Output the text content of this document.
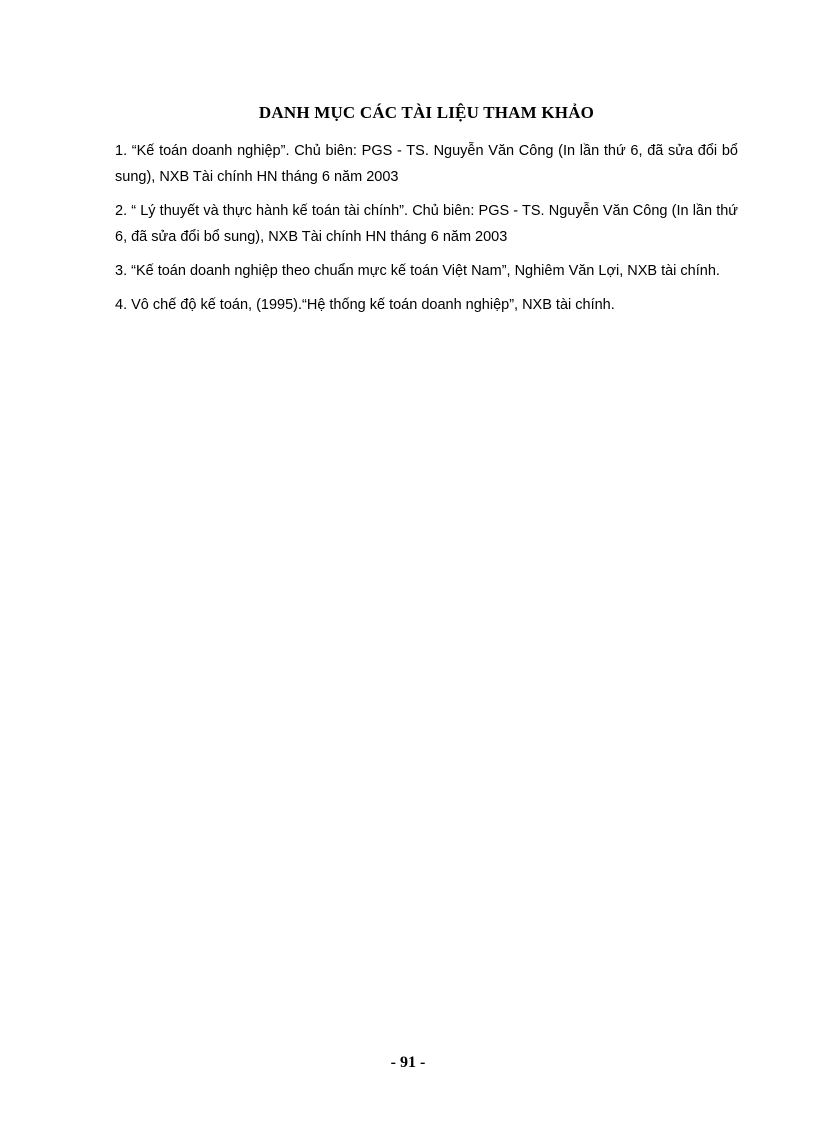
DANH MỤC CÁC TÀI LIỆU THAM KHẢO
1. “Kế toán doanh nghiệp”. Chủ biên: PGS - TS. Nguyễn Văn Công (In lần thứ 6, đã sửa đổi bổ sung), NXB Tài chính HN tháng 6 năm 2003
2. “ Lý thuyết và thực hành kế toán tài chính”. Chủ biên: PGS - TS. Nguyễn Văn Công (In lần thứ 6, đã sửa đổi bổ sung), NXB Tài chính HN tháng 6 năm 2003
3. “Kế toán doanh nghiệp theo chuẩn mực kế toán Việt Nam”, Nghiêm Văn Lợi, NXB tài chính.
4. Vô chế độ kế toán, (1995).“Hệ thống kế toán doanh nghiệp”, NXB tài chính.
- 91 -
